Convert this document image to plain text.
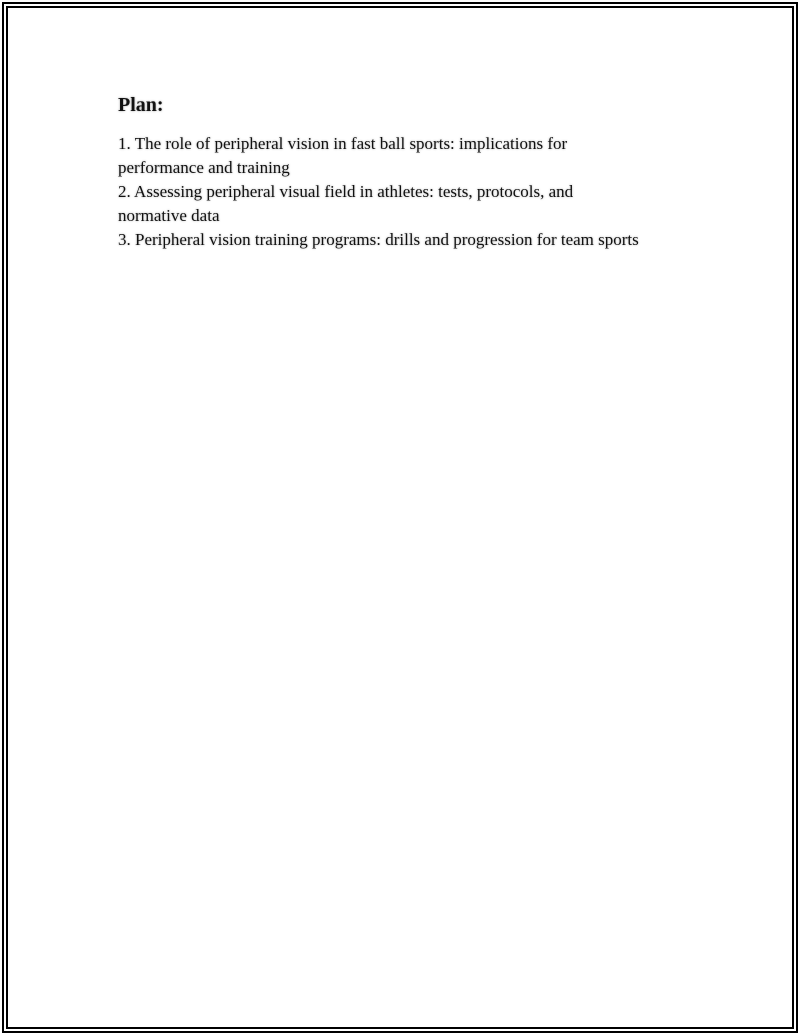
Plan:
1. The role of peripheral vision in fast ball sports: implications for
performance and training
2. Assessing peripheral visual field in athletes: tests, protocols, and
normative data
3. Peripheral vision training programs: drills and progression for team sports
